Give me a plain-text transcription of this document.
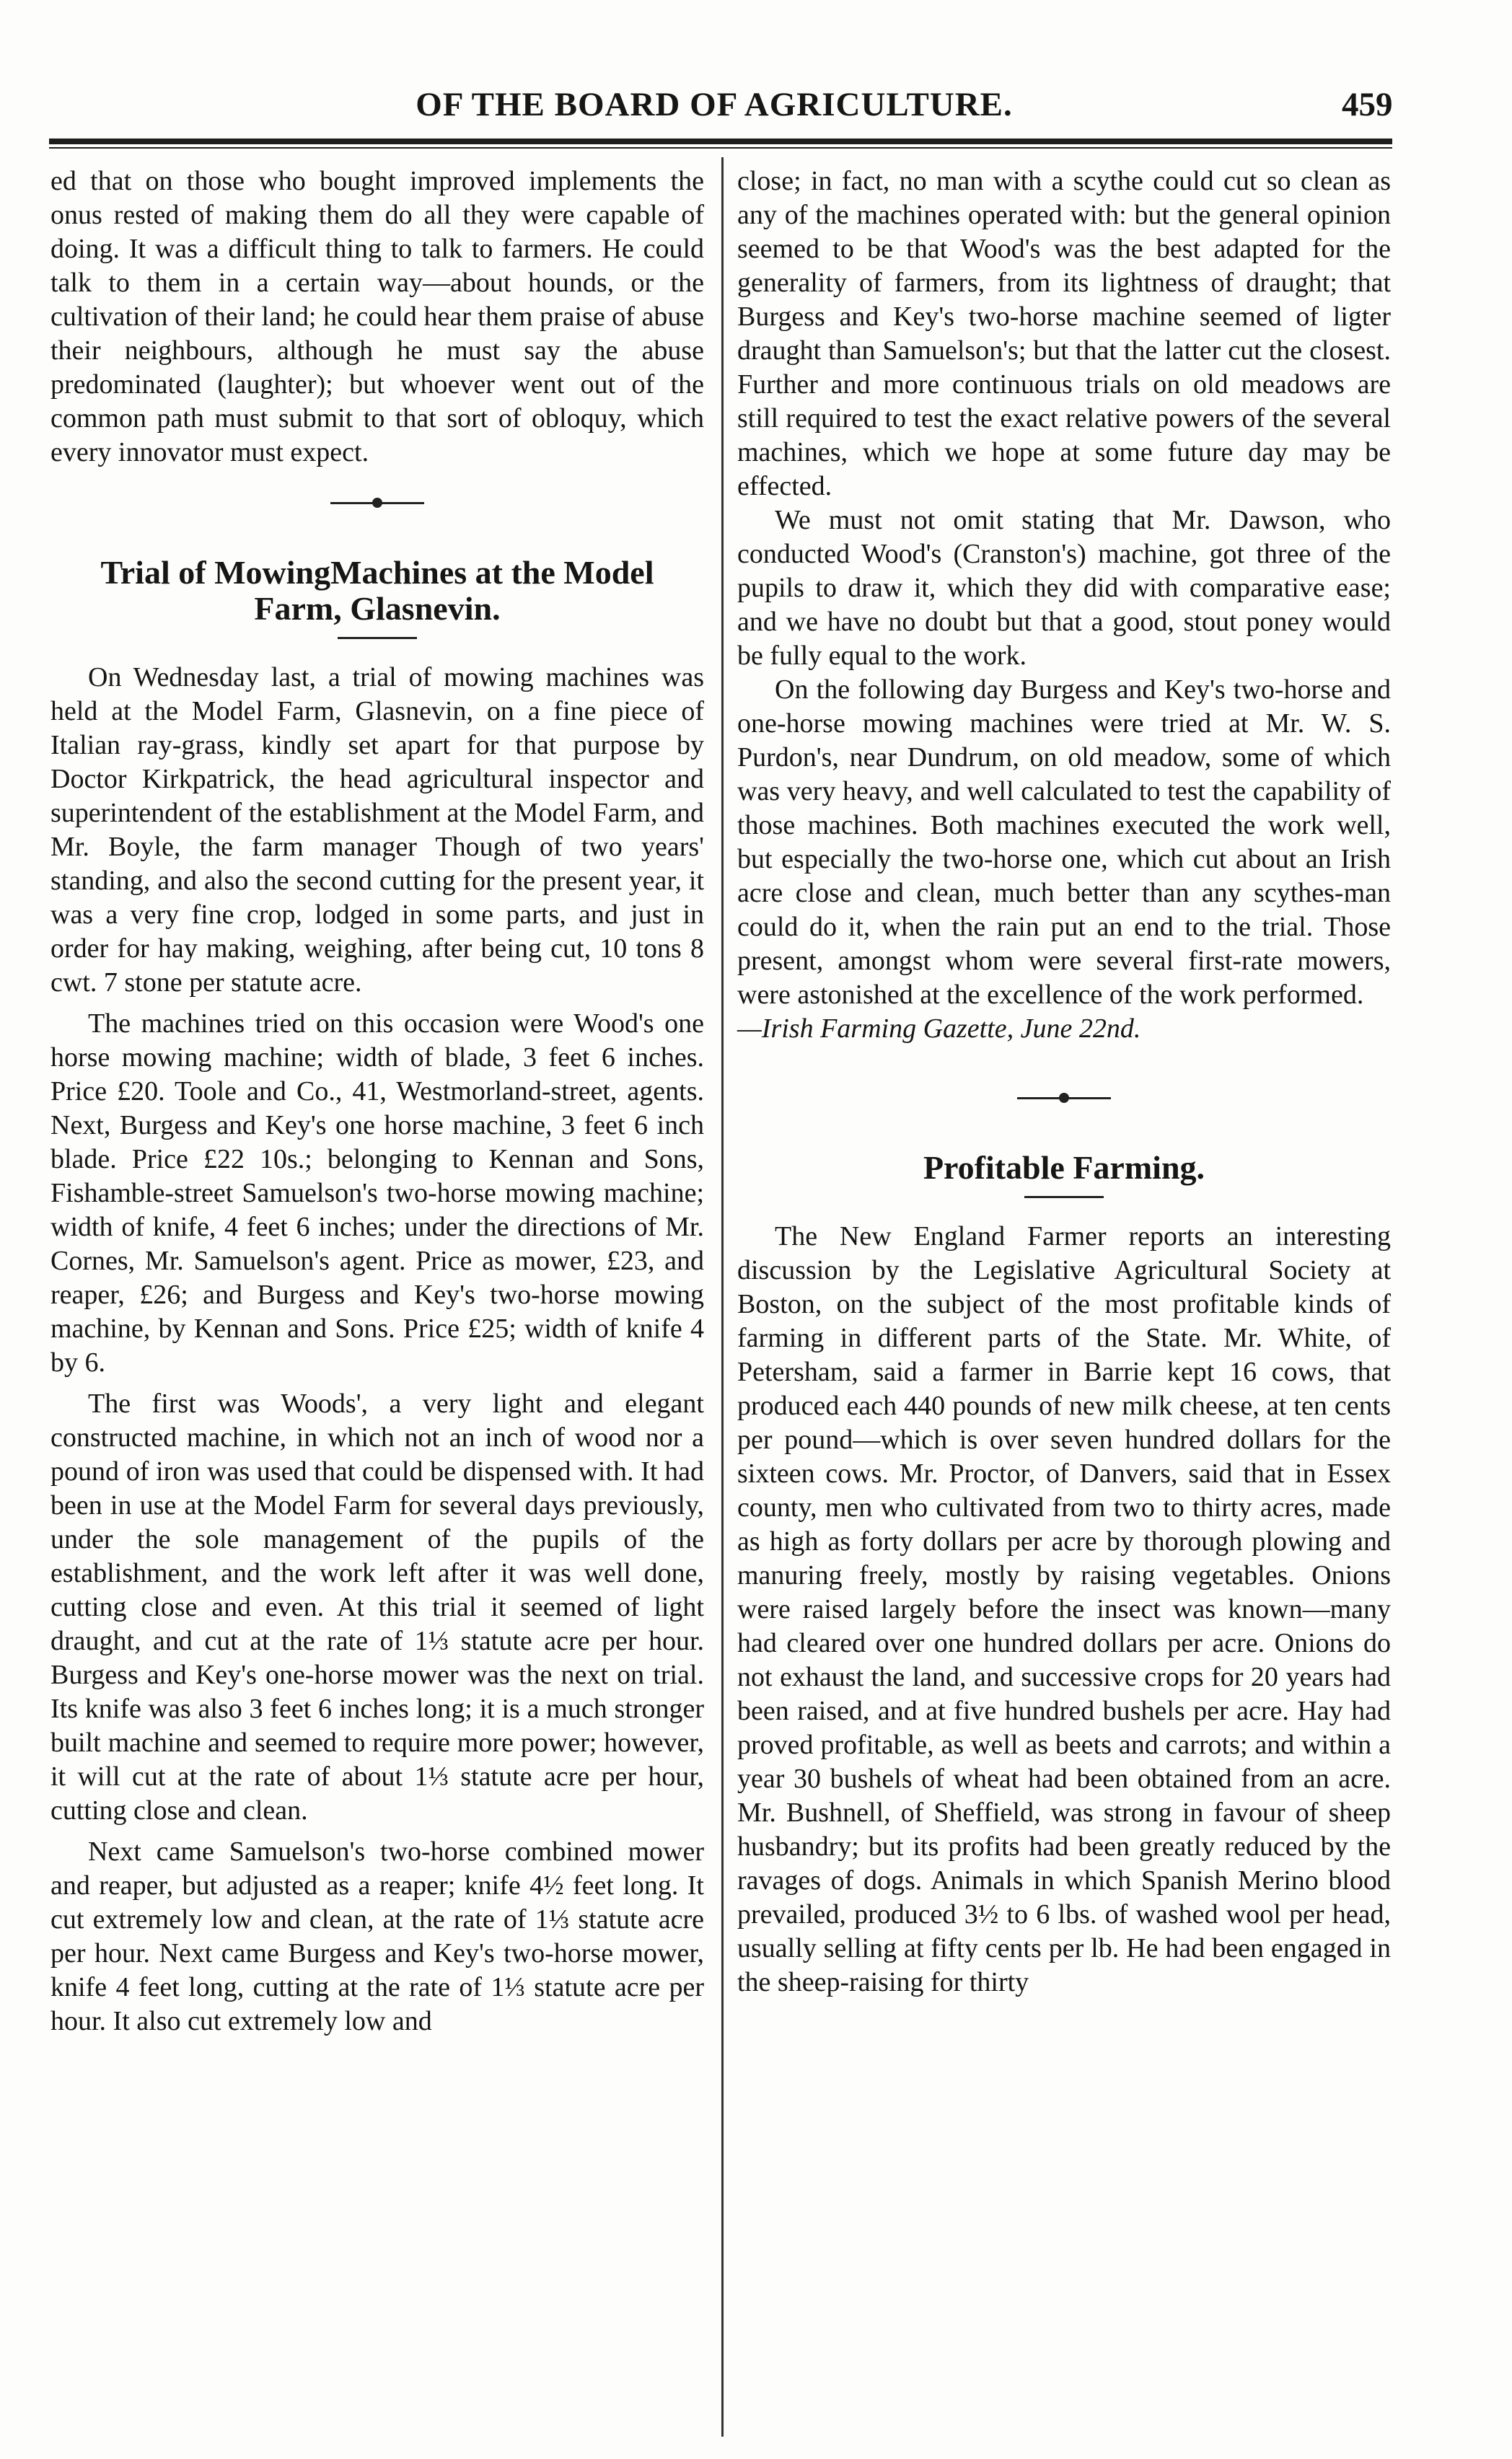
OF THE BOARD OF AGRICULTURE.	459

ed that on those who bought improved implements the onus rested of making them do all they were capable of doing. It was a difficult thing to talk to farmers. He could talk to them in a certain way—about hounds, or the cultivation of their land; he could hear them praise of abuse their neighbours, although he must say the abuse predominated (laughter); but whoever went out of the common path must submit to that sort of obloquy, which every innovator must expect.

Trial of MowingMachines at the Model
Farm, Glasnevin.

On Wednesday last, a trial of mowing machines was held at the Model Farm, Glasnevin, on a fine piece of Italian ray-grass, kindly set apart for that purpose by Doctor Kirkpatrick, the head agricultural inspector and superintendent of the establishment at the Model Farm, and Mr. Boyle, the farm manager Though of two years' standing, and also the second cutting for the present year, it was a very fine crop, lodged in some parts, and just in order for hay making, weighing, after being cut, 10 tons 8 cwt. 7 stone per statute acre.

The machines tried on this occasion were Wood's one horse mowing machine; width of blade, 3 feet 6 inches. Price £20. Toole and Co., 41, Westmorland-street, agents. Next, Burgess and Key's one horse machine, 3 feet 6 inch blade. Price £22 10s.; belonging to Kennan and Sons, Fishamble-street Samuelson's two-horse mowing machine; width of knife, 4 feet 6 inches; under the directions of Mr. Cornes, Mr. Samuelson's agent. Price as mower, £23, and reaper, £26; and Burgess and Key's two-horse mowing machine, by Kennan and Sons. Price £25; width of knife 4 by 6.

The first was Woods', a very light and elegant constructed machine, in which not an inch of wood nor a pound of iron was used that could be dispensed with. It had been in use at the Model Farm for several days previously, under the sole management of the pupils of the establishment, and the work left after it was well done, cutting close and even. At this trial it seemed of light draught, and cut at the rate of 1⅓ statute acre per hour. Burgess and Key's one-horse mower was the next on trial. Its knife was also 3 feet 6 inches long; it is a much stronger built machine and seemed to require more power; however, it will cut at the rate of about 1⅓ statute acre per hour, cutting close and clean.

Next came Samuelson's two-horse combined mower and reaper, but adjusted as a reaper; knife 4½ feet long. It cut extremely low and clean, at the rate of 1⅓ statute acre per hour. Next came Burgess and Key's two-horse mower, knife 4 feet long, cutting at the rate of 1⅓ statute acre per hour. It also cut extremely low and

close; in fact, no man with a scythe could cut so clean as any of the machines operated with: but the general opinion seemed to be that Wood's was the best adapted for the generality of farmers, from its lightness of draught; that Burgess and Key's two-horse machine seemed of ligter draught than Samuelson's; but that the latter cut the closest. Further and more continuous trials on old meadows are still required to test the exact relative powers of the several machines, which we hope at some future day may be effected.

We must not omit stating that Mr. Dawson, who conducted Wood's (Cranston's) machine, got three of the pupils to draw it, which they did with comparative ease; and we have no doubt but that a good, stout poney would be fully equal to the work.

On the following day Burgess and Key's two-horse and one-horse mowing machines were tried at Mr. W. S. Purdon's, near Dundrum, on old meadow, some of which was very heavy, and well calculated to test the capability of those machines. Both machines executed the work well, but especially the two-horse one, which cut about an Irish acre close and clean, much better than any scythes-man could do it, when the rain put an end to the trial. Those present, amongst whom were several first-rate mowers, were astonished at the excellence of the work performed.

—Irish Farming Gazette, June 22nd.

Profitable Farming.

The New England Farmer reports an interesting discussion by the Legislative Agricultural Society at Boston, on the subject of the most profitable kinds of farming in different parts of the State. Mr. White, of Petersham, said a farmer in Barrie kept 16 cows, that produced each 440 pounds of new milk cheese, at ten cents per pound—which is over seven hundred dollars for the sixteen cows. Mr. Proctor, of Danvers, said that in Essex county, men who cultivated from two to thirty acres, made as high as forty dollars per acre by thorough plowing and manuring freely, mostly by raising vegetables. Onions were raised largely before the insect was known—many had cleared over one hundred dollars per acre. Onions do not exhaust the land, and successive crops for 20 years had been raised, and at five hundred bushels per acre. Hay had proved profitable, as well as beets and carrots; and within a year 30 bushels of wheat had been obtained from an acre. Mr. Bushnell, of Sheffield, was strong in favour of sheep husbandry; but its profits had been greatly reduced by the ravages of dogs. Animals in which Spanish Merino blood prevailed, produced 3½ to 6 lbs. of washed wool per head, usually selling at fifty cents per lb. He had been engaged in the sheep-raising for thirty
